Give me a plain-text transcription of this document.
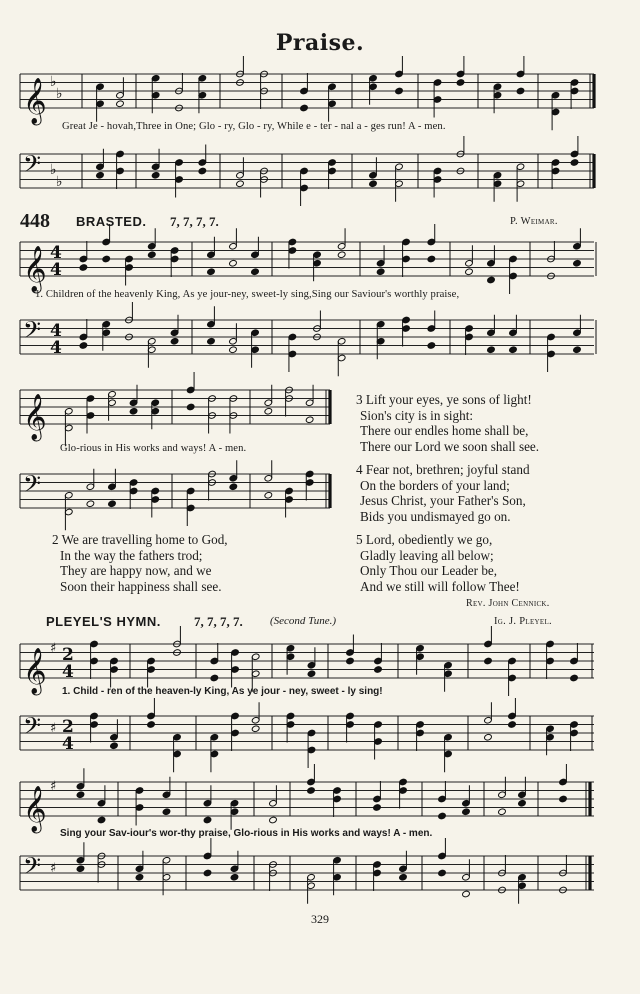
Praise.
𝄞 ♭
♭
Great Je - hovah,Three in One; Glo - ry, Glo - ry, While e - ter - nal a - ges run! A - men.
𝄢 ♭
♭
448 BRASTED. 7, 7, 7, 7.	P. Weimar.
𝄞 4
4
1. Children of the heavenly King, As ye jour-ney, sweet-ly sing,Sing our Saviour's worthly praise,
𝄢 4
4
𝄞
Glo-rious in His works and ways! A - men.
𝄢
3 Lift your eyes, ye sons of light!
Sion's city is in sight:
There our endles home shall be,
There our Lord we soon shall see.
4 Fear not, brethren; joyful stand
On the borders of your land;
Jesus Christ, your Father's Son,
Bids you undismayed go on.
2 We are travelling home to God,
In the way the fathers trod;
They are happy now, and we
Soon their happiness shall see.
5 Lord, obediently we go,
Gladly leaving all below;
Only Thou our Leader be,
And we still will follow Thee!
Rev. John Cennick.
PLEYEL'S HYMN.	7, 7, 7, 7. (Second Tune.)	Ig. J. Pleyel.
𝄞 ♯ 2
4
1. Child - ren of the heaven-ly King, As ye jour - ney, sweet - ly sing!
𝄢 ♯ 2
4
𝄞 ♯
Sing your Sav-iour's wor-thy praise, Glo-rious in His works and ways! A - men.
𝄢 ♯
329
